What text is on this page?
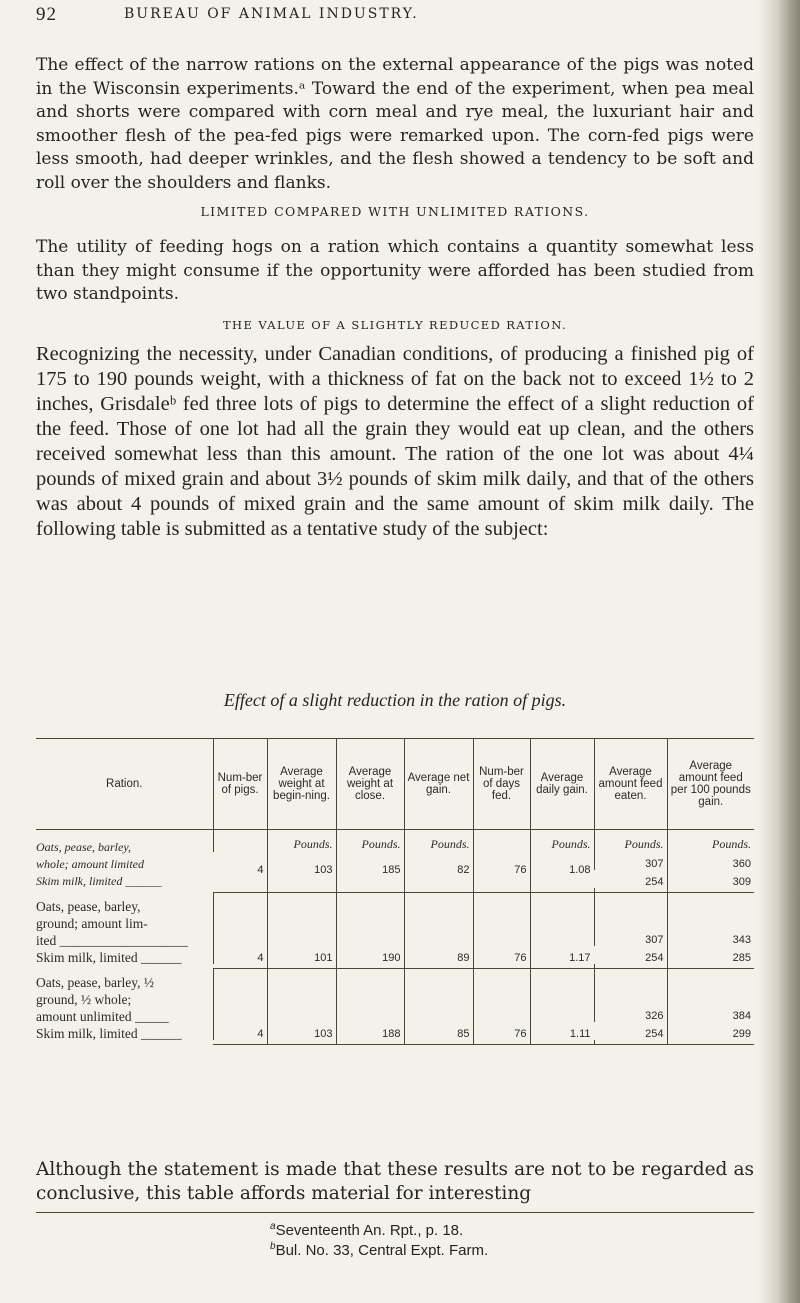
92	BUREAU OF ANIMAL INDUSTRY.
The effect of the narrow rations on the external appearance of the pigs was noted in the Wisconsin experiments.ᵃ Toward the end of the experiment, when pea meal and shorts were compared with corn meal and rye meal, the luxuriant hair and smoother flesh of the pea-fed pigs were remarked upon. The corn-fed pigs were less smooth, had deeper wrinkles, and the flesh showed a tendency to be soft and roll over the shoulders and flanks.
LIMITED COMPARED WITH UNLIMITED RATIONS.
The utility of feeding hogs on a ration which contains a quantity somewhat less than they might consume if the opportunity were afforded has been studied from two standpoints.
THE VALUE OF A SLIGHTLY REDUCED RATION.
Recognizing the necessity, under Canadian conditions, of producing a finished pig of 175 to 190 pounds weight, with a thickness of fat on the back not to exceed 1½ to 2 inches, Grisdaleᵇ fed three lots of pigs to determine the effect of a slight reduction of the feed. Those of one lot had all the grain they would eat up clean, and the others received somewhat less than this amount. The ration of the one lot was about 4¼ pounds of mixed grain and about 3½ pounds of skim milk daily, and that of the others was about 4 pounds of mixed grain and the same amount of skim milk daily. The following table is submitted as a tentative study of the subject:
Effect of a slight reduction in the ration of pigs.
Ration.	Num-ber of pigs.	Average weight at begin-ning.	Average weight at close.	Average net gain.	Num-ber of days fed.	Average daily gain.	Average amount feed eaten.	Average amount feed per 100 pounds gain.

Oats, pease, barley,
whole; amount limited
Skim milk, limited ______		Pounds.	Pounds.	Pounds.		Pounds.	Pounds.	Pounds.
	4	103	185	82	76	1.08	307	360
							254	309

Oats, pease, barley,
ground; amount lim-
ited ___________________
Skim milk, limited ______	4	101	190	89	76	1.17	307	343
							254	285

Oats, pease, barley, ½
ground, ½ whole;
amount unlimited _____
Skim milk, limited ______	4	103	188	85	76	1.11	326	384
							254	299

Although the statement is made that these results are not to be regarded as conclusive, this table affords material for interesting
$^a$Seventeenth An. Rpt., p. 18.
$^b$Bul. No. 33, Central Expt. Farm.
